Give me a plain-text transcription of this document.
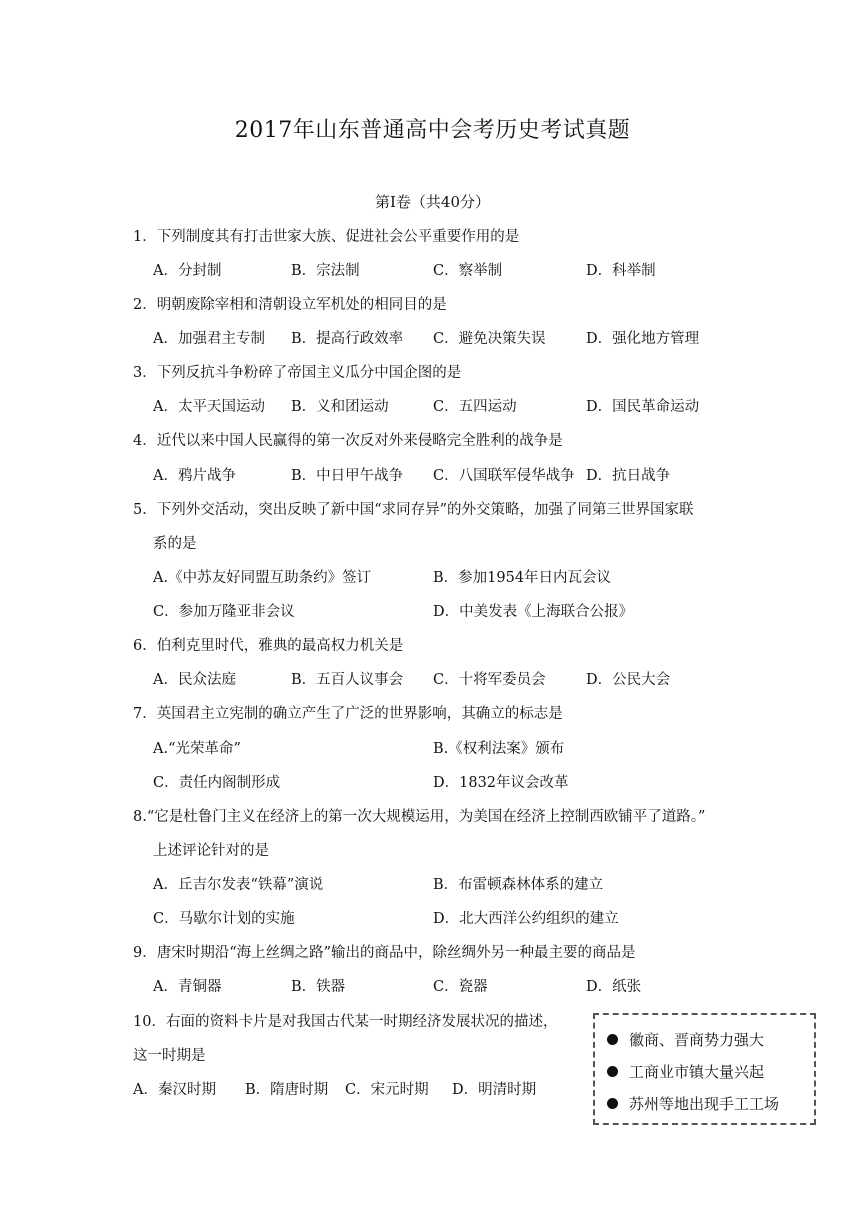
2017年山东普通高中会考历史考试真题
第Ⅰ卷（共40分）
1．下列制度其有打击世家大族、促进社会公平重要作用的是
A．分封制	B．宗法制	C．察举制	D．科举制
2．明朝废除宰相和清朝设立军机处的相同目的是
A．加强君主专制 B．提高行政效率 C．避免决策失误	D．强化地方管理
3．下列反抗斗争粉碎了帝国主义瓜分中国企图的是
A．太平天国运动 B．义和团运动	C．五四运动	D．国民革命运动
4．近代以来中国人民赢得的第一次反对外来侵略完全胜利的战争是
A．鸦片战争	B．中日甲午战争 C．八国联军侵华战争 D．抗日战争
5．下列外交活动，突出反映了新中国“求同存异”的外交策略，加强了同第三世界国家联
系的是
A.《中苏友好同盟互助条约》签订	B．参加1954年日内瓦会议
C．参加万隆亚非会议	D．中美发表《上海联合公报》
6．伯利克里时代，雅典的最高权力机关是
A．民众法庭	B．五百人议事会 C．十将军委员会	D．公民大会
7．英国君主立宪制的确立产生了广泛的世界影响，其确立的标志是
A.“光荣革命”	B.《权利法案》颁布
C．责任内阁制形成	D．1832年议会改革
8.“它是杜鲁门主义在经济上的第一次大规模运用，为美国在经济上控制西欧铺平了道路。”
上述评论针对的是
A．丘吉尔发表“铁幕”演说	B．布雷顿森林体系的建立
C．马歇尔计划的实施	D．北大西洋公约组织的建立
9．唐宋时期沿“海上丝绸之路”输出的商品中，除丝绸外另一种最主要的商品是
A．青铜器	B．铁器	C．瓷器	D．纸张
10．右面的资料卡片是对我国古代某一时期经济发展状况的描述，
这一时期是
A．秦汉时期 B．隋唐时期 C．宋元时期 D．明清时期
徽商、晋商势力强大
工商业市镇大量兴起
苏州等地出现手工工场
